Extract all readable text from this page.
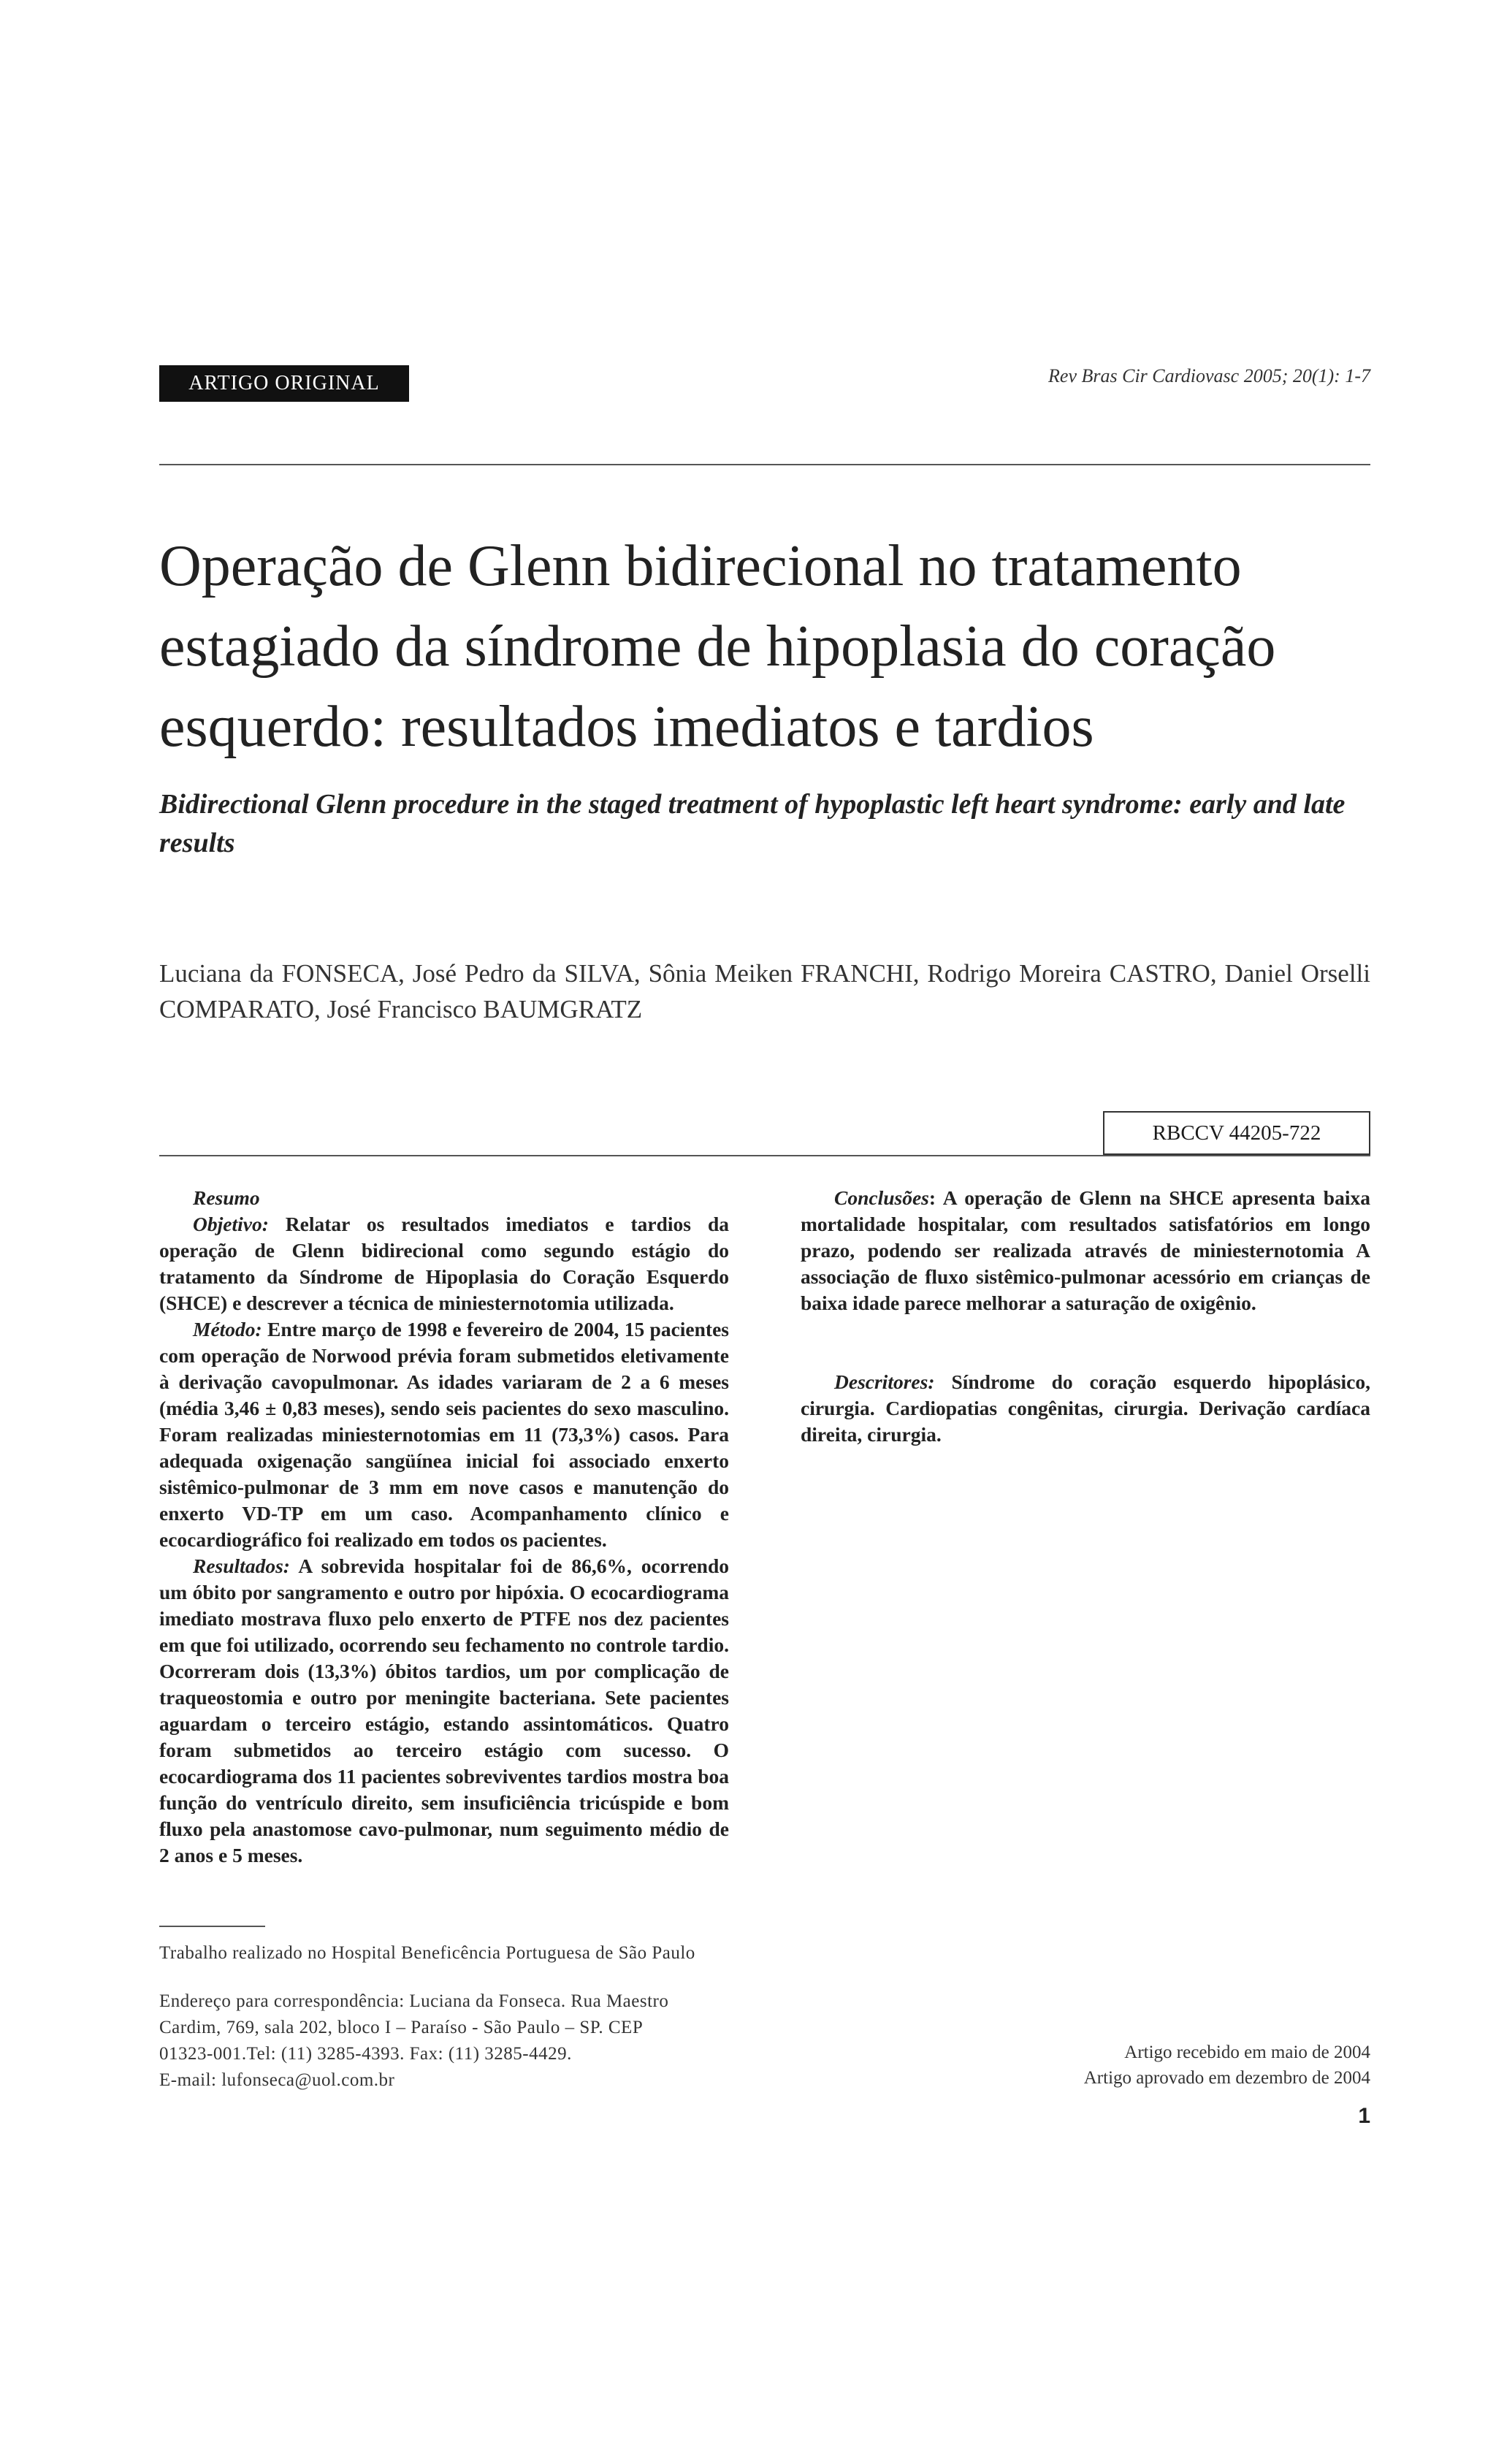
ARTIGO ORIGINAL	Rev Bras Cir Cardiovasc 2005; 20(1): 1-7
Operação de Glenn bidirecional no tratamento estagiado da síndrome de hipoplasia do coração esquerdo: resultados imediatos e tardios
Bidirectional Glenn procedure in the staged treatment of hypoplastic left heart syndrome: early and late results
Luciana da FONSECA, José Pedro da SILVA, Sônia Meiken FRANCHI, Rodrigo Moreira CASTRO, Daniel Orselli COMPARATO, José Francisco BAUMGRATZ
RBCCV 44205-722

Resumo

Objetivo: Relatar os resultados imediatos e tardios da operação de Glenn bidirecional como segundo estágio do tratamento da Síndrome de Hipoplasia do Coração Esquerdo (SHCE) e descrever a técnica de miniesternotomia utilizada.

Método: Entre março de 1998 e fevereiro de 2004, 15 pacientes com operação de Norwood prévia foram submetidos eletivamente à derivação cavopulmonar. As idades variaram de 2 a 6 meses (média 3,46 ± 0,83 meses), sendo seis pacientes do sexo masculino. Foram realizadas miniesternotomias em 11 (73,3%) casos. Para adequada oxigenação sangüínea inicial foi associado enxerto sistêmico-pulmonar de 3 mm em nove casos e manutenção do enxerto VD-TP em um caso. Acompanhamento clínico e ecocardiográfico foi realizado em todos os pacientes.

Resultados: A sobrevida hospitalar foi de 86,6%, ocorrendo um óbito por sangramento e outro por hipóxia. O ecocardiograma imediato mostrava fluxo pelo enxerto de PTFE nos dez pacientes em que foi utilizado, ocorrendo seu fechamento no controle tardio. Ocorreram dois (13,3%) óbitos tardios, um por complicação de traqueostomia e outro por meningite bacteriana. Sete pacientes aguardam o terceiro estágio, estando assintomáticos. Quatro foram submetidos ao terceiro estágio com sucesso. O ecocardiograma dos 11 pacientes sobreviventes tardios mostra boa função do ventrículo direito, sem insuficiência tricúspide e bom fluxo pela anastomose cavo-pulmonar, num seguimento médio de 2 anos e 5 meses.

Conclusões: A operação de Glenn na SHCE apresenta baixa mortalidade hospitalar, com resultados satisfatórios em longo prazo, podendo ser realizada através de miniesternotomia A associação de fluxo sistêmico-pulmonar acessório em crianças de baixa idade parece melhorar a saturação de oxigênio.

Descritores: Síndrome do coração esquerdo hipoplásico, cirurgia. Cardiopatias congênitas, cirurgia. Derivação cardíaca direita, cirurgia.

Trabalho realizado no Hospital Beneficência Portuguesa de São Paulo
Endereço para correspondência: Luciana da Fonseca. Rua Maestro
Cardim, 769, sala 202, bloco I – Paraíso - São Paulo – SP. CEP
01323-001.Tel: (11) 3285-4393. Fax: (11) 3285-4429.
E-mail: lufonseca@uol.com.br
Artigo recebido em maio de 2004
Artigo aprovado em dezembro de 2004
1
